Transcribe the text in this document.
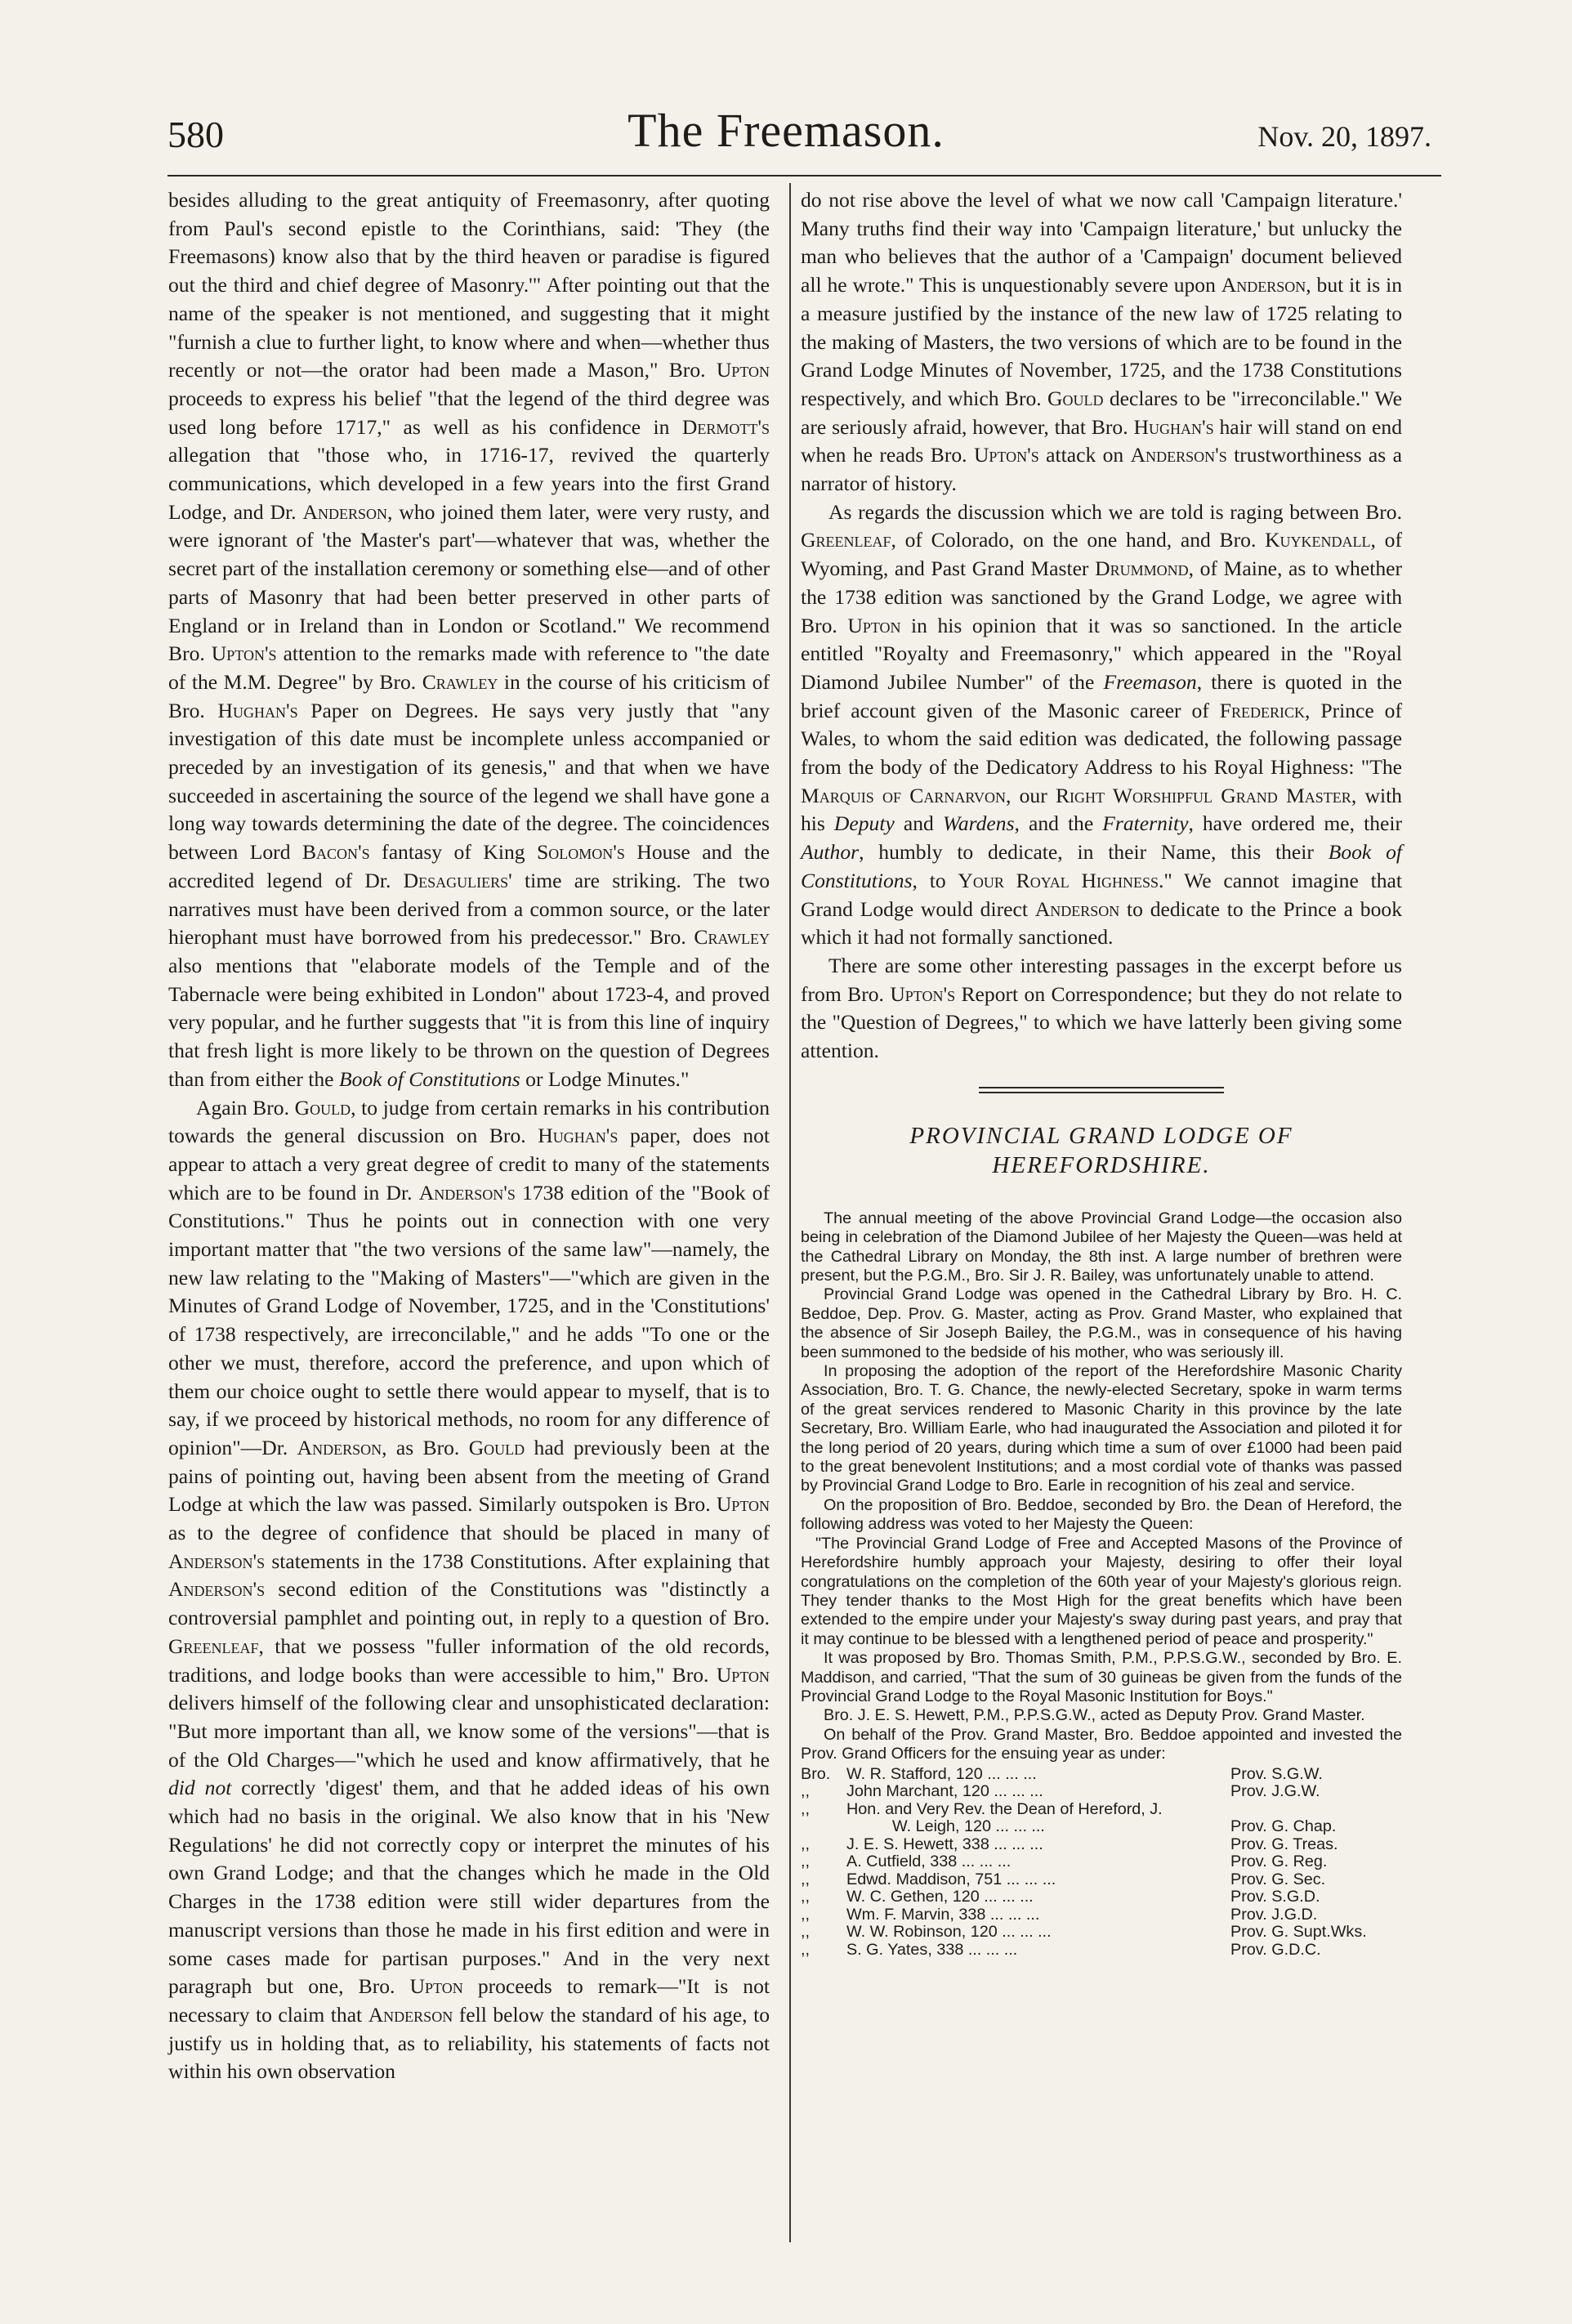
580	The Freemason.	Nov. 20, 1897.

besides alluding to the great antiquity of Freemasonry, after quoting from Paul's second epistle to the Corinthians, said: 'They (the Freemasons) know also that by the third heaven or paradise is figured out the third and chief degree of Masonry.'" After pointing out that the name of the speaker is not mentioned, and suggesting that it might "furnish a clue to further light, to know where and when—whether thus recently or not—the orator had been made a Mason," Bro. Upton proceeds to express his belief "that the legend of the third degree was used long before 1717," as well as his confidence in Dermott's allegation that "those who, in 1716-17, revived the quarterly communications, which developed in a few years into the first Grand Lodge, and Dr. Anderson, who joined them later, were very rusty, and were ignorant of 'the Master's part'—whatever that was, whether the secret part of the installation ceremony or something else—and of other parts of Masonry that had been better preserved in other parts of England or in Ireland than in London or Scotland." We recommend Bro. Upton's attention to the remarks made with reference to "the date of the M.M. Degree" by Bro. Crawley in the course of his criticism of Bro. Hughan's Paper on Degrees. He says very justly that "any investigation of this date must be incomplete unless accompanied or preceded by an investigation of its genesis," and that when we have succeeded in ascertaining the source of the legend we shall have gone a long way towards determining the date of the degree. The coincidences between Lord Bacon's fantasy of King Solomon's House and the accredited legend of Dr. Desaguliers' time are striking. The two narratives must have been derived from a common source, or the later hierophant must have borrowed from his predecessor." Bro. Crawley also mentions that "elaborate models of the Temple and of the Tabernacle were being exhibited in London" about 1723-4, and proved very popular, and he further suggests that "it is from this line of inquiry that fresh light is more likely to be thrown on the question of Degrees than from either the Book of Constitutions or Lodge Minutes."

Again Bro. Gould, to judge from certain remarks in his contribution towards the general discussion on Bro. Hughan's paper, does not appear to attach a very great degree of credit to many of the statements which are to be found in Dr. Anderson's 1738 edition of the "Book of Constitutions." Thus he points out in connection with one very important matter that "the two versions of the same law"—namely, the new law relating to the "Making of Masters"—"which are given in the Minutes of Grand Lodge of November, 1725, and in the 'Constitutions' of 1738 respectively, are irreconcilable," and he adds "To one or the other we must, therefore, accord the preference, and upon which of them our choice ought to settle there would appear to myself, that is to say, if we proceed by historical methods, no room for any difference of opinion"—Dr. Anderson, as Bro. Gould had previously been at the pains of pointing out, having been absent from the meeting of Grand Lodge at which the law was passed. Similarly outspoken is Bro. Upton as to the degree of confidence that should be placed in many of Anderson's statements in the 1738 Constitutions. After explaining that Anderson's second edition of the Constitutions was "distinctly a controversial pamphlet and pointing out, in reply to a question of Bro. Greenleaf, that we possess "fuller information of the old records, traditions, and lodge books than were accessible to him," Bro. Upton delivers himself of the following clear and unsophisticated declaration: "But more important than all, we know some of the versions"—that is of the Old Charges—"which he used and know affirmatively, that he did not correctly 'digest' them, and that he added ideas of his own which had no basis in the original. We also know that in his 'New Regulations' he did not correctly copy or interpret the minutes of his own Grand Lodge; and that the changes which he made in the Old Charges in the 1738 edition were still wider departures from the manuscript versions than those he made in his first edition and were in some cases made for partisan purposes." And in the very next paragraph but one, Bro. Upton proceeds to remark—"It is not necessary to claim that Anderson fell below the standard of his age, to justify us in holding that, as to reliability, his statements of facts not within his own observation

do not rise above the level of what we now call 'Campaign literature.' Many truths find their way into 'Campaign literature,' but unlucky the man who believes that the author of a 'Campaign' document believed all he wrote." This is unquestionably severe upon Anderson, but it is in a measure justified by the instance of the new law of 1725 relating to the making of Masters, the two versions of which are to be found in the Grand Lodge Minutes of November, 1725, and the 1738 Constitutions respectively, and which Bro. Gould declares to be "irreconcilable." We are seriously afraid, however, that Bro. Hughan's hair will stand on end when he reads Bro. Upton's attack on Anderson's trustworthiness as a narrator of history.

As regards the discussion which we are told is raging between Bro. Greenleaf, of Colorado, on the one hand, and Bro. Kuykendall, of Wyoming, and Past Grand Master Drummond, of Maine, as to whether the 1738 edition was sanctioned by the Grand Lodge, we agree with Bro. Upton in his opinion that it was so sanctioned. In the article entitled "Royalty and Freemasonry," which appeared in the "Royal Diamond Jubilee Number" of the Freemason, there is quoted in the brief account given of the Masonic career of Frederick, Prince of Wales, to whom the said edition was dedicated, the following passage from the body of the Dedicatory Address to his Royal Highness: "The Marquis of Carnarvon, our Right Worshipful Grand Master, with his Deputy and Wardens, and the Fraternity, have ordered me, their Author, humbly to dedicate, in their Name, this their Book of Constitutions, to Your Royal Highness." We cannot imagine that Grand Lodge would direct Anderson to dedicate to the Prince a book which it had not formally sanctioned.

There are some other interesting passages in the excerpt before us from Bro. Upton's Report on Correspondence; but they do not relate to the "Question of Degrees," to which we have latterly been giving some attention.

PROVINCIAL GRAND LODGE OF
HEREFORDSHIRE.

The annual meeting of the above Provincial Grand Lodge—the occasion also being in celebration of the Diamond Jubilee of her Majesty the Queen—was held at the Cathedral Library on Monday, the 8th inst. A large number of brethren were present, but the P.G.M., Bro. Sir J. R. Bailey, was unfortunately unable to attend.

Provincial Grand Lodge was opened in the Cathedral Library by Bro. H. C. Beddoe, Dep. Prov. G. Master, acting as Prov. Grand Master, who explained that the absence of Sir Joseph Bailey, the P.G.M., was in consequence of his having been summoned to the bedside of his mother, who was seriously ill.

In proposing the adoption of the report of the Herefordshire Masonic Charity Association, Bro. T. G. Chance, the newly-elected Secretary, spoke in warm terms of the great services rendered to Masonic Charity in this province by the late Secretary, Bro. William Earle, who had inaugurated the Association and piloted it for the long period of 20 years, during which time a sum of over £1000 had been paid to the great benevolent Institutions; and a most cordial vote of thanks was passed by Provincial Grand Lodge to Bro. Earle in recognition of his zeal and service.

On the proposition of Bro. Beddoe, seconded by Bro. the Dean of Hereford, the following address was voted to her Majesty the Queen:

"The Provincial Grand Lodge of Free and Accepted Masons of the Province of Herefordshire humbly approach your Majesty, desiring to offer their loyal congratulations on the completion of the 60th year of your Majesty's glorious reign. They tender thanks to the Most High for the great benefits which have been extended to the empire under your Majesty's sway during past years, and pray that it may continue to be blessed with a lengthened period of peace and prosperity."

It was proposed by Bro. Thomas Smith, P.M., P.P.S.G.W., seconded by Bro. E. Maddison, and carried, "That the sum of 30 guineas be given from the funds of the Provincial Grand Lodge to the Royal Masonic Institution for Boys."

Bro. J. E. S. Hewett, P.M., P.P.S.G.W., acted as Deputy Prov. Grand Master.

On behalf of the Prov. Grand Master, Bro. Beddoe appointed and invested the Prov. Grand Officers for the ensuing year as under:

Bro. W. R. Stafford, 120 ... ... ...	Prov. S.G.W.
,,	John Marchant, 120 ... ... ...	Prov. J.G.W.
,,	Hon. and Very Rev. the Dean of Hereford, J.
W. Leigh, 120 ... ... ...	Prov. G. Chap.
,,	J. E. S. Hewett, 338 ... ... ...	Prov. G. Treas.
,,	A. Cutfield, 338 ... ... ...	Prov. G. Reg.
,,	Edwd. Maddison, 751 ... ... ...	Prov. G. Sec.
,,	W. C. Gethen, 120 ... ... ...	Prov. S.G.D.
,,	Wm. F. Marvin, 338 ... ... ...	Prov. J.G.D.
,,	W. W. Robinson, 120 ... ... ...	Prov. G. Supt.Wks.
,,	S. G. Yates, 338 ... ... ...	Prov. G.D.C.
